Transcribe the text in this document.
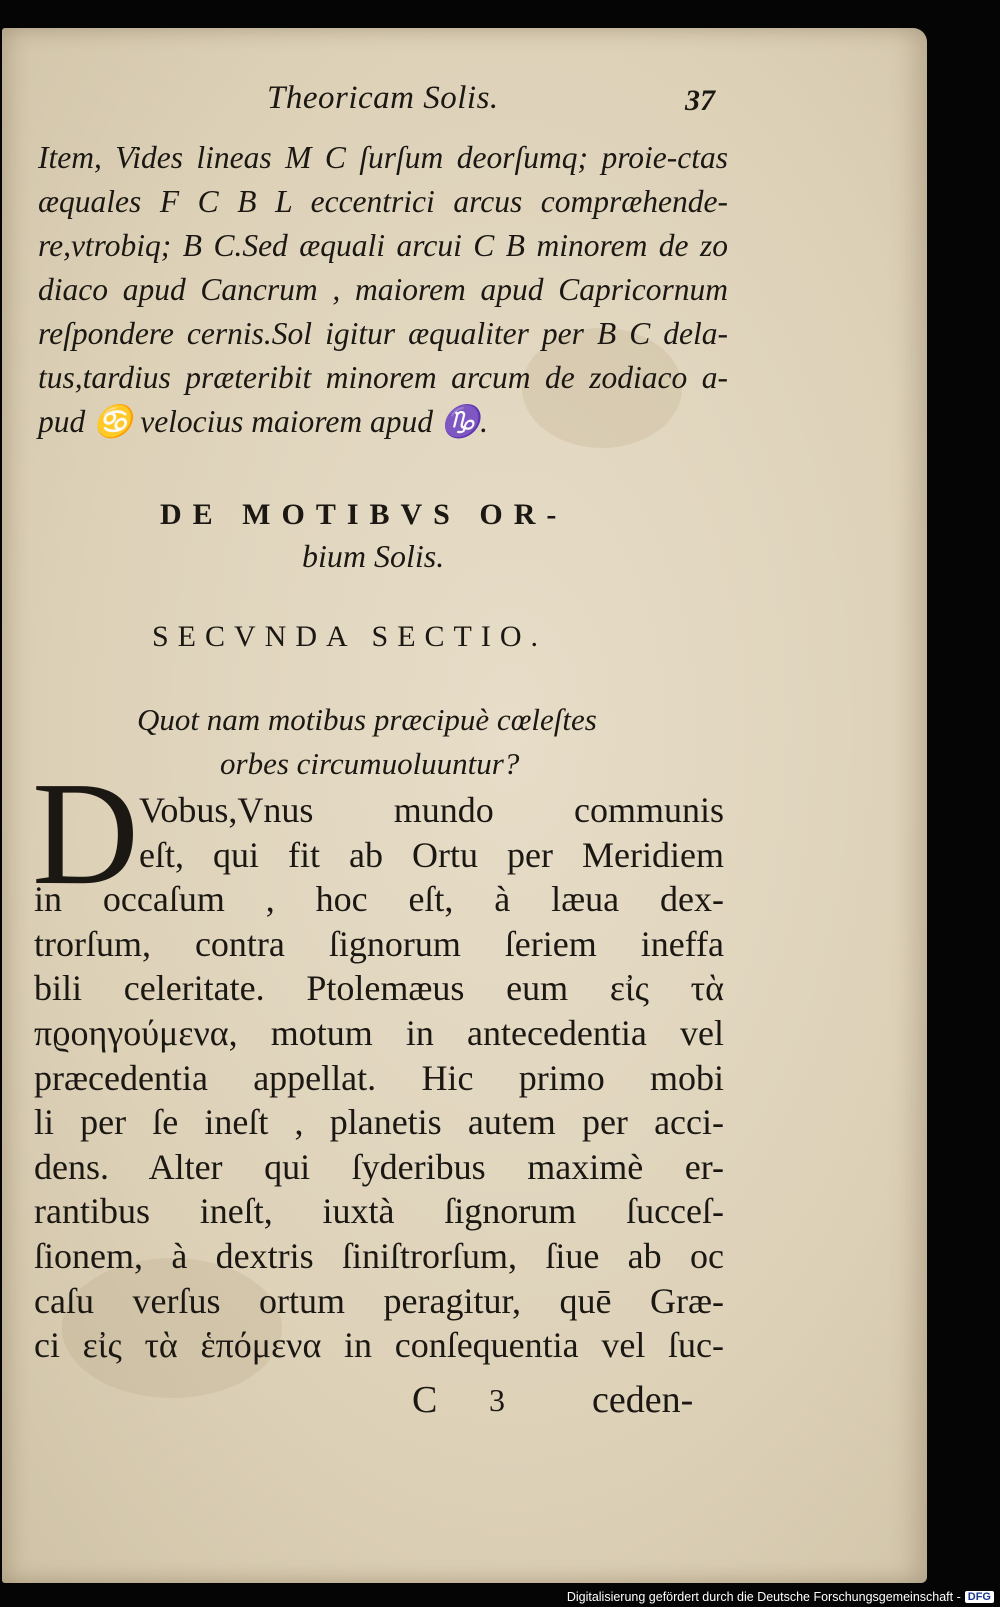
Theoricam Solis.	37
Item, Vides lineas M C ſurſum deorſumq; proie-ctas æquales F C B L eccentrici arcus compræhende-re,vtrobiq; B C.Sed æquali arcui C B minorem de zo diaco apud Cancrum , maiorem apud Capricornum reſpondere cernis.Sol igitur æqualiter per B C dela-tus,tardius præteribit minorem arcum de zodiaco a-pud ♋ velocius maiorem apud ♑.
DE MOTIBVS OR-
bium Solis.
SECVNDA SECTIO.
Quot nam motibus præcipuè cœleſtes
orbes circumuoluuntur?
D Vobus,Vnus mundo communis
eſt, qui fit ab Ortu per Meridiem
in occaſum , hoc eſt, à læua dex-
trorſum, contra ſignorum ſeriem ineffa
bili celeritate. Ptolemæus eum εἰς τὰ
πϱοηγούμενα, motum in antecedentia vel
præcedentia appellat. Hic primo mobi
li per ſe ineſt , planetis autem per acci-
dens. Alter qui ſyderibus maximè er-
rantibus ineſt, iuxtà ſignorum ſucceſ-
ſionem, à dextris ſiniſtrorſum, ſiue ab oc
caſu verſus ortum peragitur, quē Græ-
ci εἰς τὰ ἑπόμενα in conſequentia vel ſuc-
C 3 ceden-
Digitalisierung gefördert durch die Deutsche Forschungsgemeinschaft - DFG
